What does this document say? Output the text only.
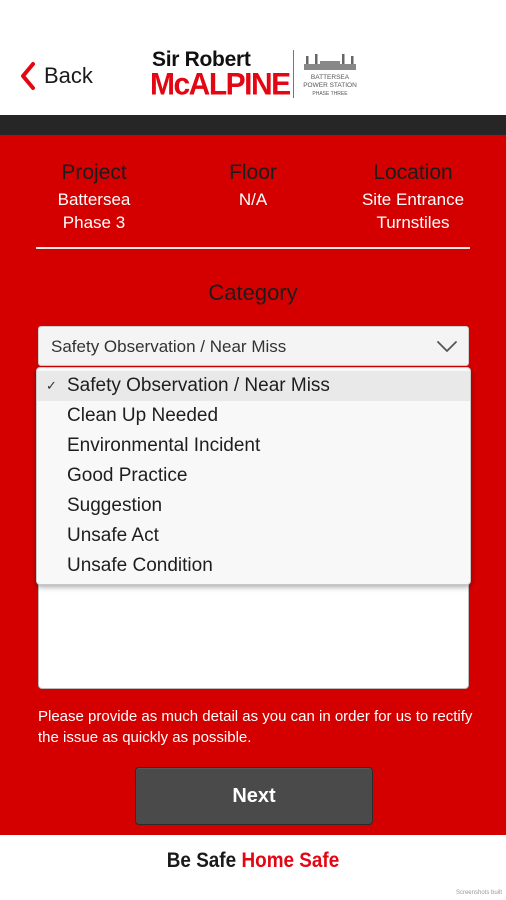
Back
Sir Robert
McALPINE	BATTERSEA
POWER STATION
PHASE THREE
Project
Battersea
Phase 3
Floor
N/A
Location
Site Entrance
Turnstiles
Category
Safety Observation / Near Miss
✓ Safety Observation / Near Miss
Clean Up Needed
Environmental Incident
Good Practice
Suggestion
Unsafe Act
Unsafe Condition
Please provide as much detail as you can in order for us to rectify the issue as quickly as possible.
Next
Be Safe Home Safe
Screenshots built
